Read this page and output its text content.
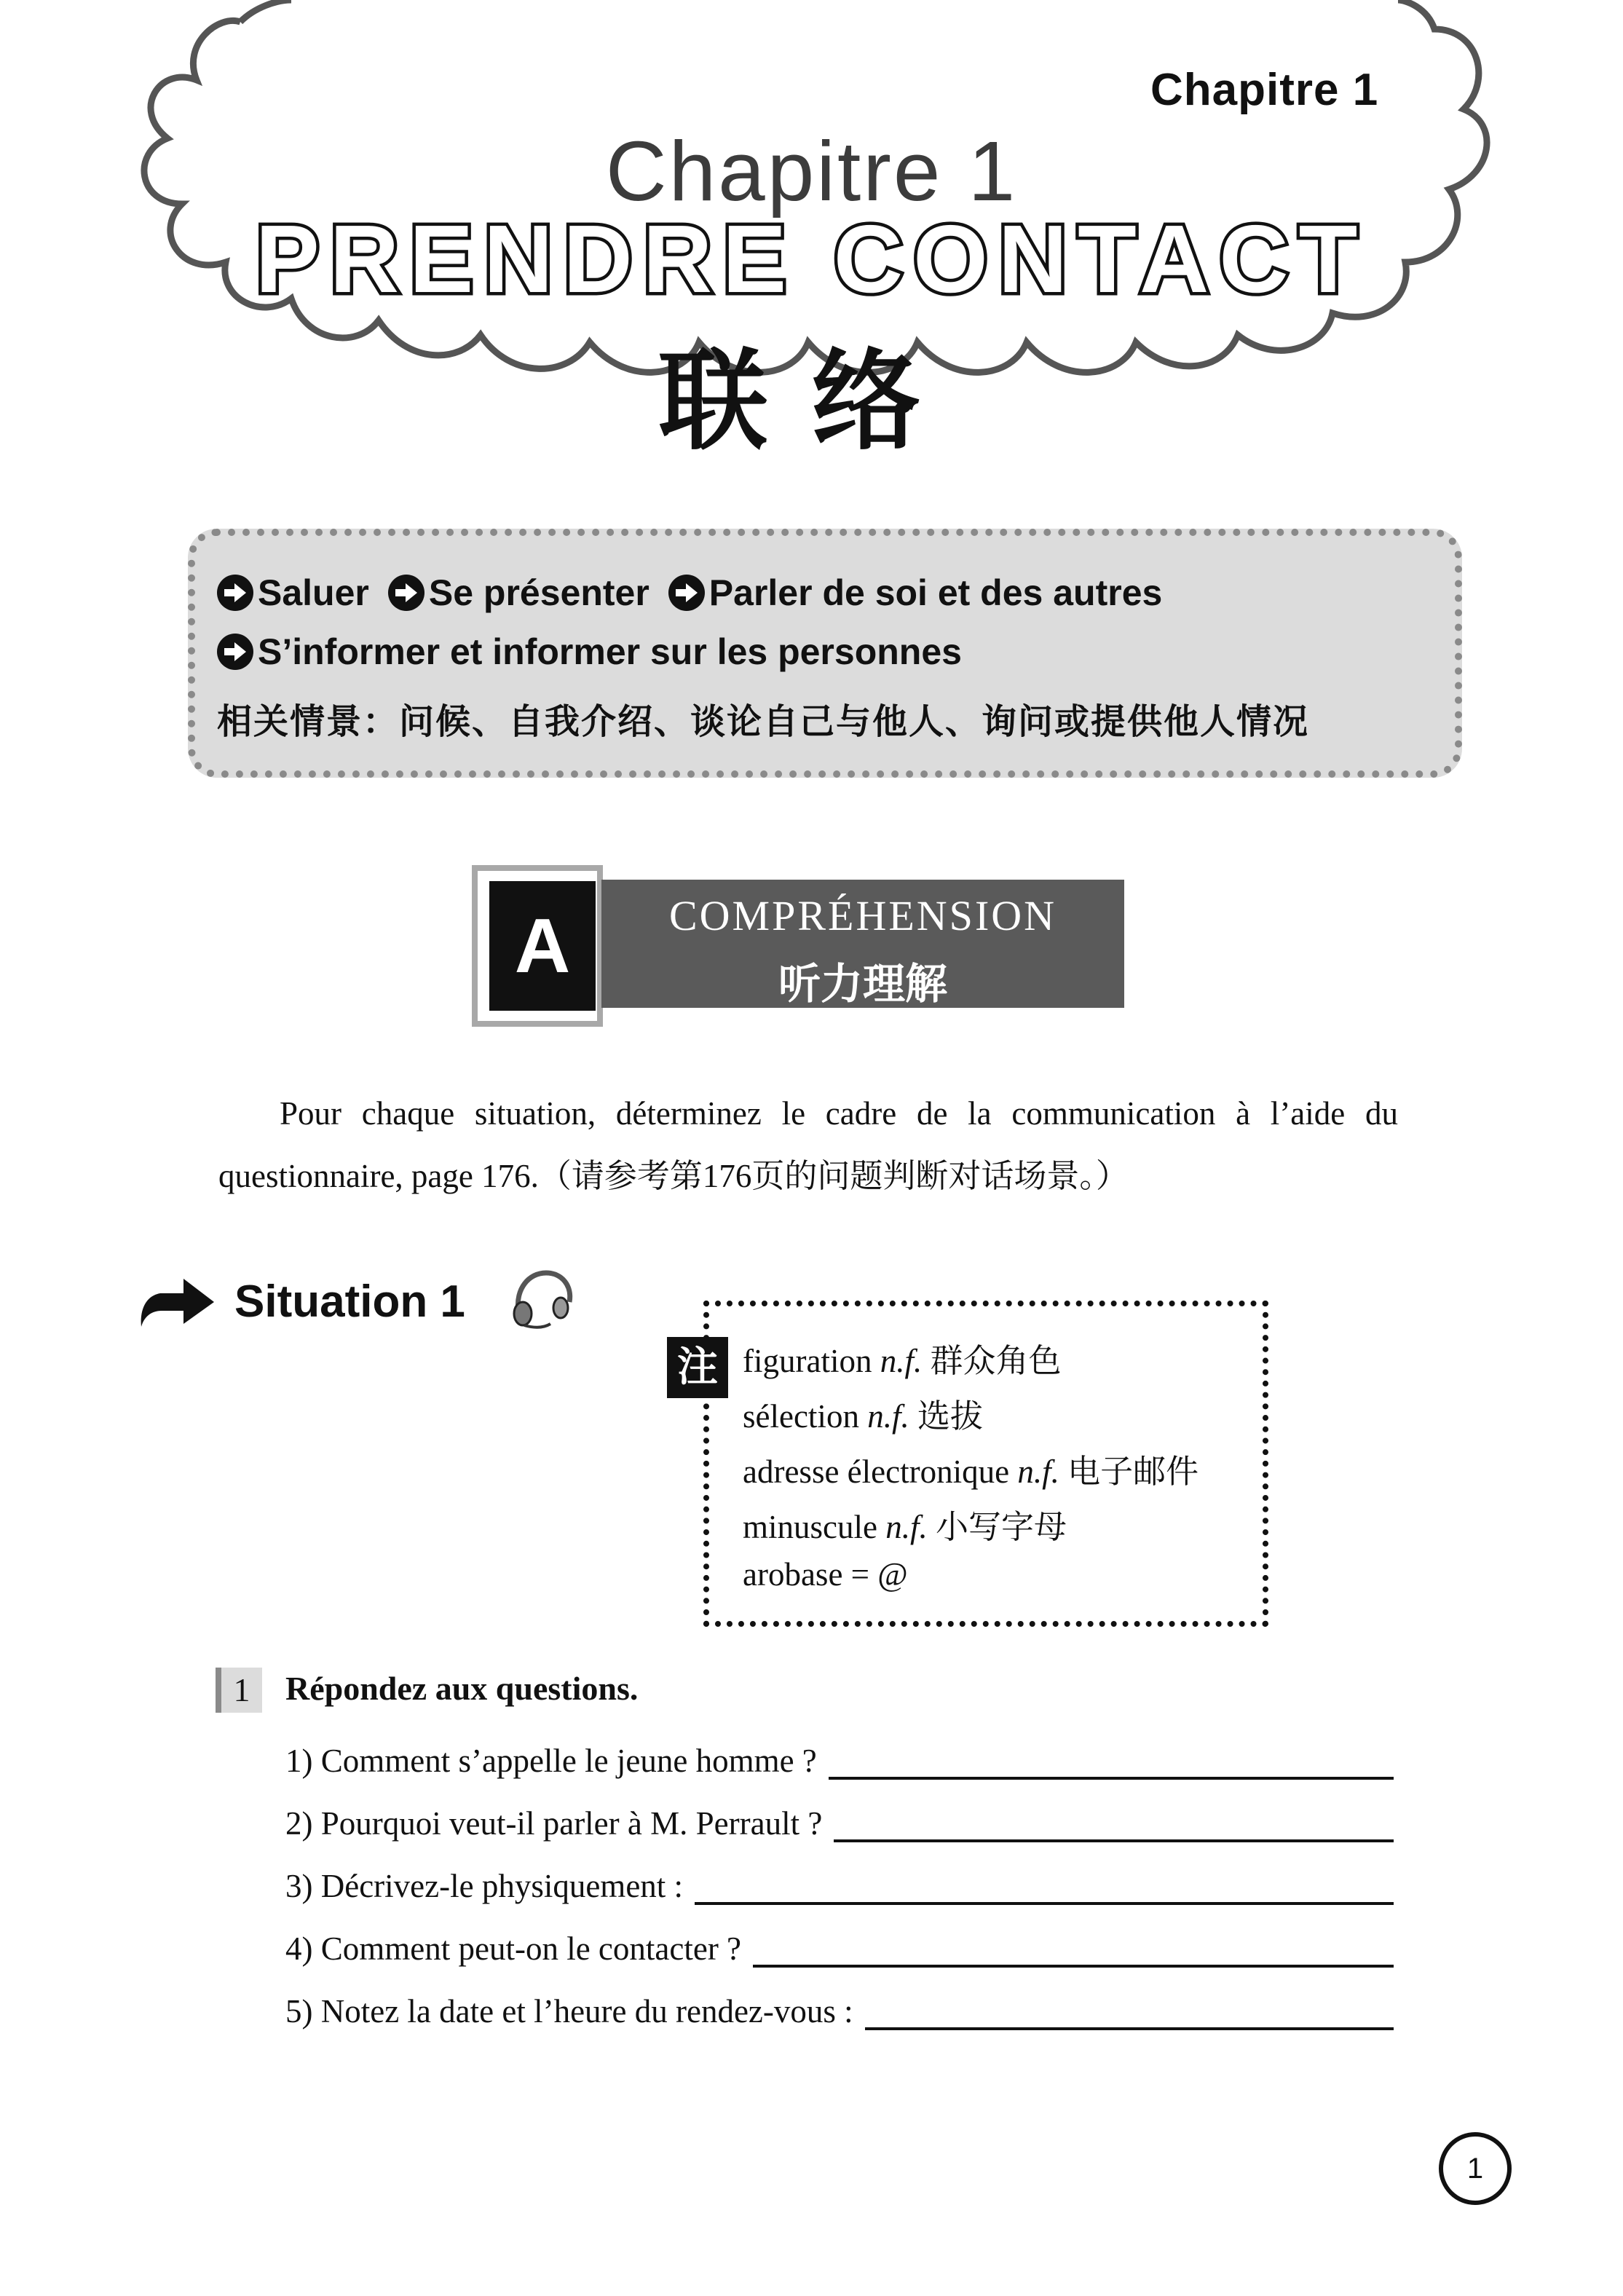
Chapitre 1
Chapitre 1
PRENDRE CONTACT
联络
Saluer Se présenter Parler de soi et des autres
S’informer et informer sur les personnes
相关情景：问候、自我介绍、谈论自己与他人、询问或提供他人情况
A	COMPRÉHENSION
听力理解
Pour chaque situation, déterminez le cadre de la communication à l’aide du
questionnaire, page 176.（请参考第176页的问题判断对话场景。）
Situation 1
注 figuration n.f. 群众角色
sélection n.f. 选拔
adresse électronique n.f. 电子邮件
minuscule n.f. 小写字母
arobase = @
1	Répondez aux questions.
1) Comment s’appelle le jeune homme ?
2) Pourquoi veut-il parler à M. Perrault ?
3) Décrivez-le physiquement :
4) Comment peut-on le contacter ?
5) Notez la date et l’heure du rendez-vous :
1
